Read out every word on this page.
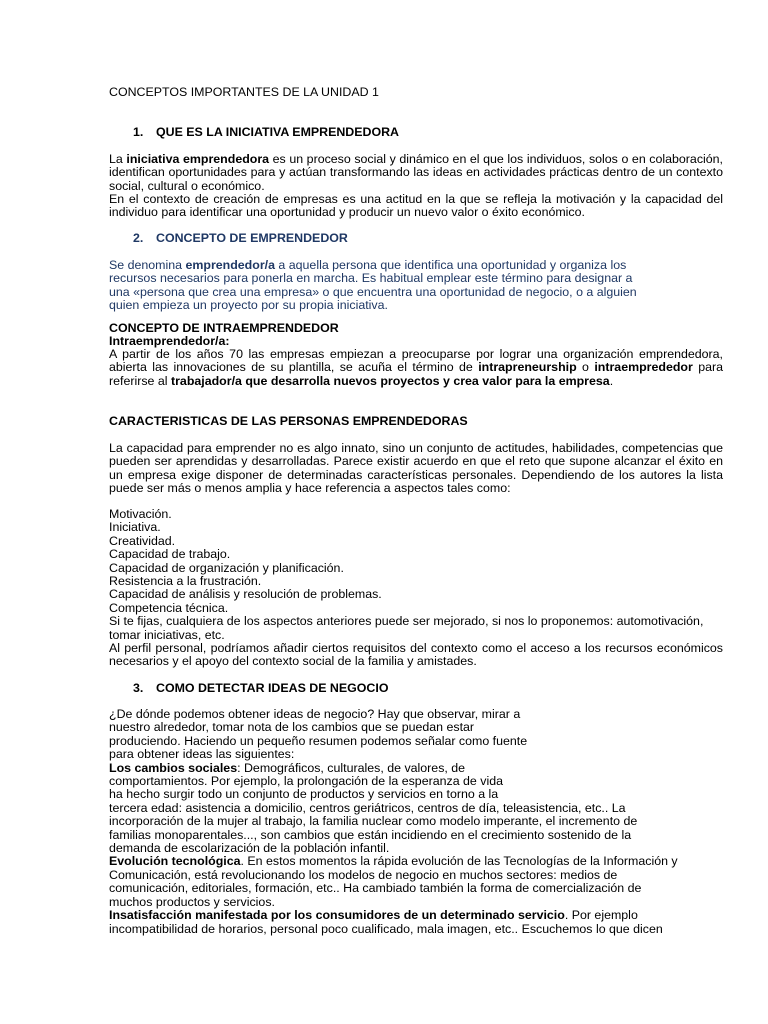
CONCEPTOS IMPORTANTES DE LA UNIDAD 1
1. QUE ES LA INICIATIVA EMPRENDEDORA
La iniciativa emprendedora es un proceso social y dinámico en el que los individuos, solos o en colaboración, identifican oportunidades para y actúan transformando las ideas en actividades prácticas dentro de un contexto social, cultural o económico.
En el contexto de creación de empresas es una actitud en la que se refleja la motivación y la capacidad del individuo para identificar una oportunidad y producir un nuevo valor o éxito económico.
2. CONCEPTO DE EMPRENDEDOR
Se denomina emprendedor/a a aquella persona que identifica una oportunidad y organiza los
recursos necesarios para ponerla en marcha. Es habitual emplear este término para designar a
una «persona que crea una empresa» o que encuentra una oportunidad de negocio, o a alguien
quien empieza un proyecto por su propia iniciativa.
CONCEPTO DE INTRAEMPRENDEDOR
Intraemprendedor/a:
A partir de los años 70 las empresas empiezan a preocuparse por lograr una organización emprendedora, abierta las innovaciones de su plantilla, se acuña el término de intrapreneurship o intraemprededor para referirse al trabajador/a que desarrolla nuevos proyectos y crea valor para la empresa.
CARACTERISTICAS DE LAS PERSONAS EMPRENDEDORAS
La capacidad para emprender no es algo innato, sino un conjunto de actitudes, habilidades, competencias que pueden ser aprendidas y desarrolladas. Parece existir acuerdo en que el reto que supone alcanzar el éxito en un empresa exige disponer de determinadas características personales. Dependiendo de los autores la lista puede ser más o menos amplia y hace referencia a aspectos tales como:
Motivación.
Iniciativa.
Creatividad.
Capacidad de trabajo.
Capacidad de organización y planificación.
Resistencia a la frustración.
Capacidad de análisis y resolución de problemas.
Competencia técnica.
Si te fijas, cualquiera de los aspectos anteriores puede ser mejorado, si nos lo proponemos: automotivación,
tomar iniciativas, etc.
Al perfil personal, podríamos añadir ciertos requisitos del contexto como el acceso a los recursos económicos necesarios y el apoyo del contexto social de la familia y amistades.
3. COMO DETECTAR IDEAS DE NEGOCIO
¿De dónde podemos obtener ideas de negocio? Hay que observar, mirar a
nuestro alrededor, tomar nota de los cambios que se puedan estar
produciendo. Haciendo un pequeño resumen podemos señalar como fuente
para obtener ideas las siguientes:
Los cambios sociales: Demográficos, culturales, de valores, de
comportamientos. Por ejemplo, la prolongación de la esperanza de vida
ha hecho surgir todo un conjunto de productos y servicios en torno a la
tercera edad: asistencia a domicilio, centros geriátricos, centros de día, teleasistencia, etc.. La
incorporación de la mujer al trabajo, la familia nuclear como modelo imperante, el incremento de
familias monoparentales..., son cambios que están incidiendo en el crecimiento sostenido de la
demanda de escolarización de la población infantil.
Evolución tecnológica. En estos momentos la rápida evolución de las Tecnologías de la Información y
Comunicación, está revolucionando los modelos de negocio en muchos sectores: medios de
comunicación, editoriales, formación, etc.. Ha cambiado también la forma de comercialización de
muchos productos y servicios.
Insatisfacción manifestada por los consumidores de un determinado servicio. Por ejemplo
incompatibilidad de horarios, personal poco cualificado, mala imagen, etc.. Escuchemos lo que dicen
